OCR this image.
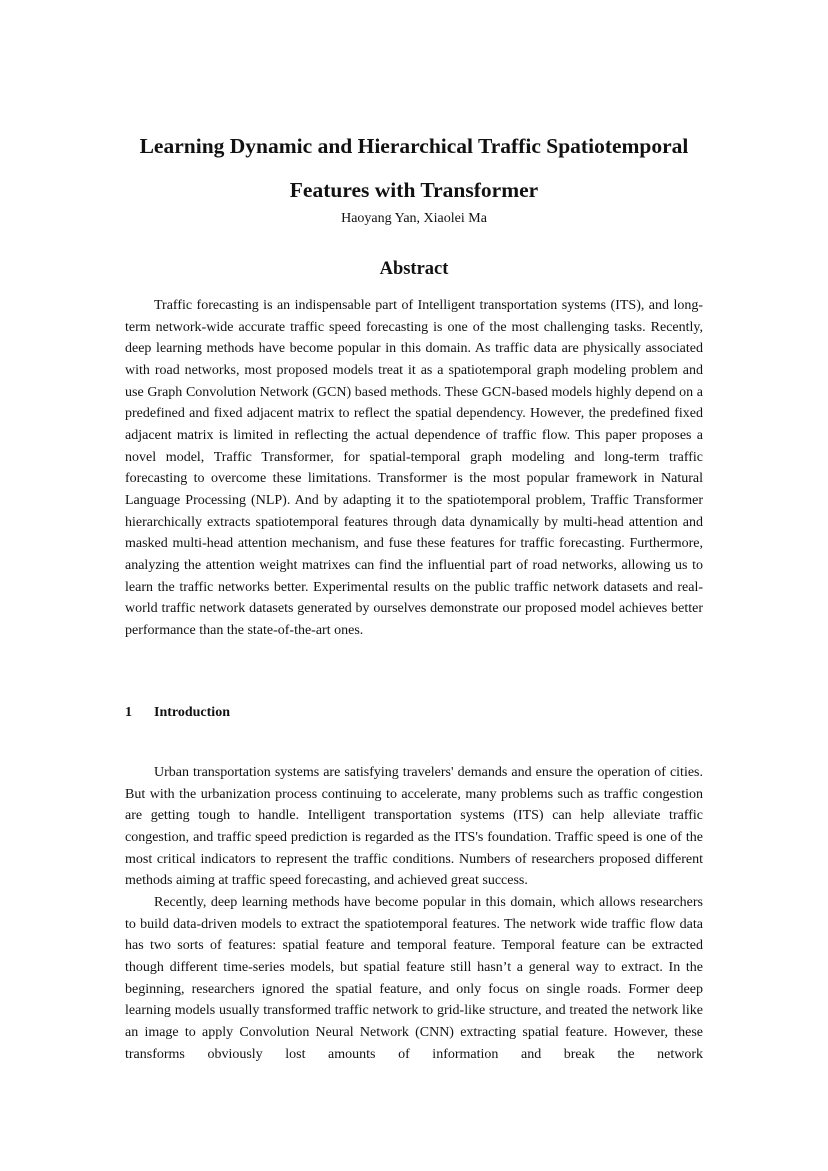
Learning Dynamic and Hierarchical Traffic Spatiotemporal Features with Transformer

Haoyang Yan, Xiaolei Ma

Abstract

Traffic forecasting is an indispensable part of Intelligent transportation systems (ITS), and long-term network-wide accurate traffic speed forecasting is one of the most challenging tasks. Recently, deep learning methods have become popular in this domain. As traffic data are physically associated with road networks, most proposed models treat it as a spatiotemporal graph modeling problem and use Graph Convolution Network (GCN) based methods. These GCN-based models highly depend on a predefined and fixed adjacent matrix to reflect the spatial dependency. However, the predefined fixed adjacent matrix is limited in reflecting the actual dependence of traffic flow. This paper proposes a novel model, Traffic Transformer, for spatial-temporal graph modeling and long-term traffic forecasting to overcome these limitations. Transformer is the most popular framework in Natural Language Processing (NLP). And by adapting it to the spatiotemporal problem, Traffic Transformer hierarchically extracts spatiotemporal features through data dynamically by multi-head attention and masked multi-head attention mechanism, and fuse these features for traffic forecasting. Furthermore, analyzing the attention weight matrixes can find the influential part of road networks, allowing us to learn the traffic networks better. Experimental results on the public traffic network datasets and real-world traffic network datasets generated by ourselves demonstrate our proposed model achieves better performance than the state-of-the-art ones.

1 Introduction

Urban transportation systems are satisfying travelers' demands and ensure the operation of cities. But with the urbanization process continuing to accelerate, many problems such as traffic congestion are getting tough to handle. Intelligent transportation systems (ITS) can help alleviate traffic congestion, and traffic speed prediction is regarded as the ITS's foundation. Traffic speed is one of the most critical indicators to represent the traffic conditions. Numbers of researchers proposed different methods aiming at traffic speed forecasting, and achieved great success.

Recently, deep learning methods have become popular in this domain, which allows researchers to build data-driven models to extract the spatiotemporal features. The network wide traffic flow data has two sorts of features: spatial feature and temporal feature. Temporal feature can be extracted though different time-series models, but spatial feature still hasn’t a general way to extract. In the beginning, researchers ignored the spatial feature, and only focus on single roads. Former deep learning models usually transformed traffic network to grid-like structure, and treated the network like an image to apply Convolution Neural Network (CNN) extracting spatial feature. However, these transforms obviously lost amounts of information and break the network
